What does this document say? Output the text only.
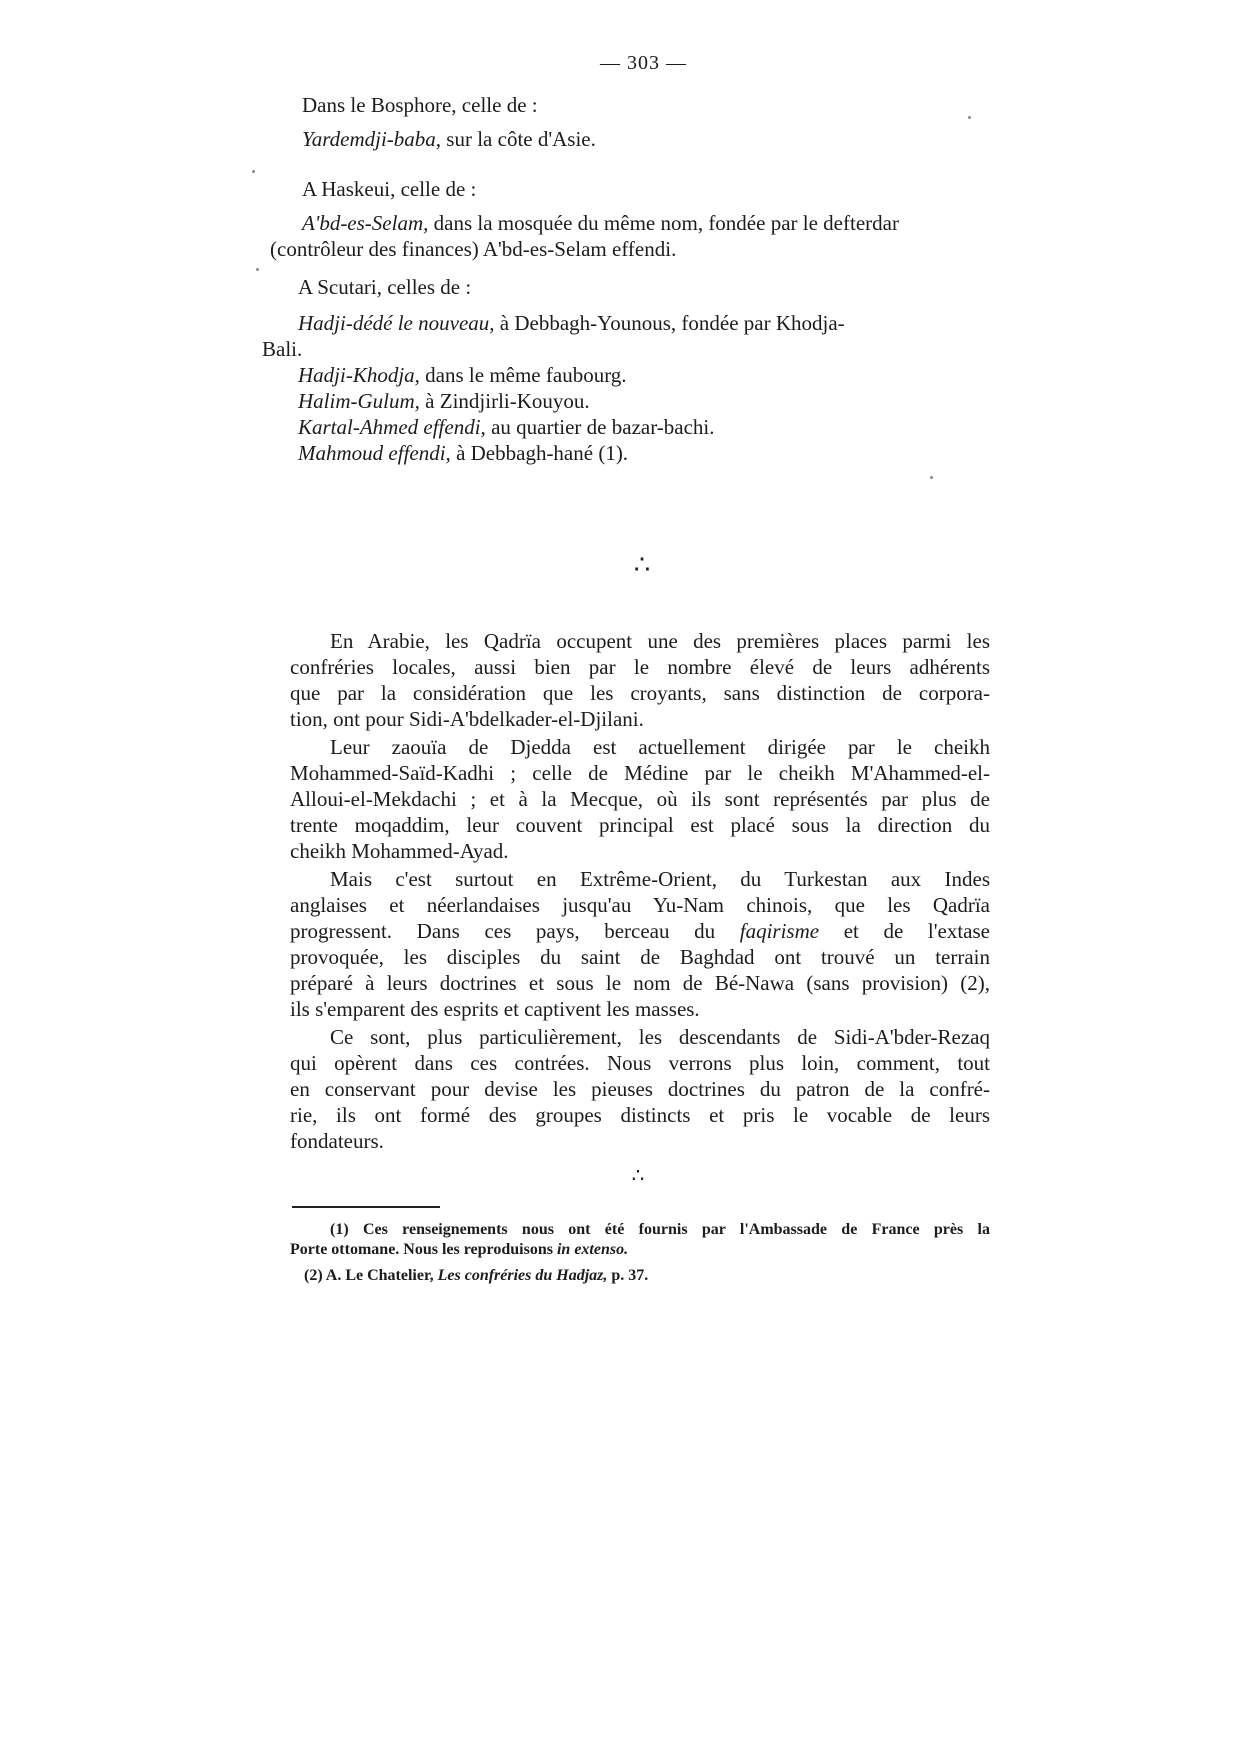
— 303 —
Dans le Bosphore, celle de :
Yardemdji-baba, sur la côte d'Asie.
A Haskeui, celle de :
A'bd-es-Selam, dans la mosquée du même nom, fondée par le defterdar
(contrôleur des finances) A'bd-es-Selam effendi.
A Scutari, celles de :
Hadji-dédé le nouveau, à Debbagh-Younous, fondée par Khodja-
Bali.
Hadji-Khodja, dans le même faubourg.
Halim-Gulum, à Zindjirli-Kouyou.
Kartal-Ahmed effendi, au quartier de bazar-bachi.
Mahmoud effendi, à Debbagh-hané (1).
∴
En Arabie, les Qadrïa occupent une des premières places parmi les
confréries locales, aussi bien par le nombre élevé de leurs adhérents
que par la considération que les croyants, sans distinction de corpora-
tion, ont pour Sidi-A'bdelkader-el-Djilani.
Leur zaouïa de Djedda est actuellement dirigée par le cheikh
Mohammed-Saïd-Kadhi ; celle de Médine par le cheikh M'Ahammed-el-
Alloui-el-Mekdachi ; et à la Mecque, où ils sont représentés par plus de
trente moqaddim, leur couvent principal est placé sous la direction du
cheikh Mohammed-Ayad.
Mais c'est surtout en Extrême-Orient, du Turkestan aux Indes
anglaises et néerlandaises jusqu'au Yu-Nam chinois, que les Qadrïa
progressent. Dans ces pays, berceau du faqirisme et de l'extase
provoquée, les disciples du saint de Baghdad ont trouvé un terrain
préparé à leurs doctrines et sous le nom de Bé-Nawa (sans provision) (2),
ils s'emparent des esprits et captivent les masses.
Ce sont, plus particulièrement, les descendants de Sidi-A'bder-Rezaq
qui opèrent dans ces contrées. Nous verrons plus loin, comment, tout
en conservant pour devise les pieuses doctrines du patron de la confré-
rie, ils ont formé des groupes distincts et pris le vocable de leurs
fondateurs.
∴
(1) Ces renseignements nous ont été fournis par l'Ambassade de France près la
Porte ottomane. Nous les reproduisons in extenso.
(2) A. Le Chatelier, Les confréries du Hadjaz, p. 37.
